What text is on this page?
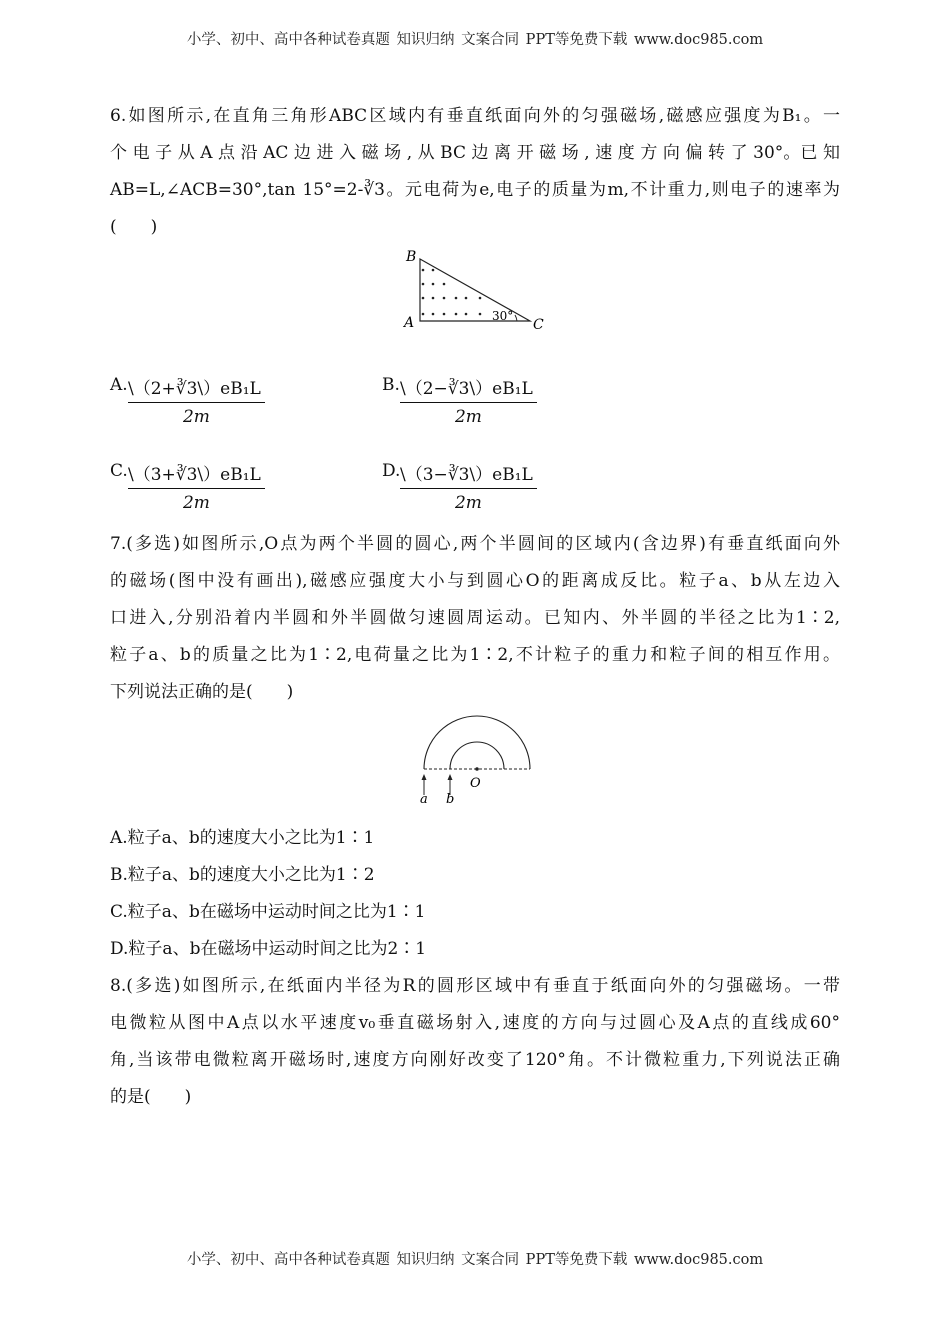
小学、初中、高中各种试卷真题 知识归纳 文案合同 PPT等免费下载 www.doc985.com
6.如图所示,在直角三角形ABC区域内有垂直纸面向外的匀强磁场,磁感应强度为B₁。一
个 电 子 从 A 点 沿 AC 边 进 入 磁 场 , 从 BC 边 离 开 磁 场 , 速 度 方 向 偏 转 了 30°。已 知
AB=L,∠ACB=30°,tan 15°=2-∛3。元电荷为e,电子的质量为m,不计重力,则电子的速率为
(　　)
B
A	C
30°
A. $\frac{\text{\textbackslash{}（2+∛3\textbackslash{}）eB₁L}}{2m}$	B. $\frac{\text{\textbackslash{}（2−∛3\textbackslash{}）eB₁L}}{2m}$
C. $\frac{\text{\textbackslash{}（3+∛3\textbackslash{}）eB₁L}}{2m}$	D. $\frac{\text{\textbackslash{}（3−∛3\textbackslash{}）eB₁L}}{2m}$
7.(多选)如图所示,O点为两个半圆的圆心,两个半圆间的区域内(含边界)有垂直纸面向外
的磁场(图中没有画出),磁感应强度大小与到圆心O的距离成反比。粒子a、b从左边入
口进入,分别沿着内半圆和外半圆做匀速圆周运动。已知内、外半圆的半径之比为1∶2,
粒子a、b的质量之比为1∶2,电荷量之比为1∶2,不计粒子的重力和粒子间的相互作用。
下列说法正确的是(　　)
O
a b
A.粒子a、b的速度大小之比为1∶1
B.粒子a、b的速度大小之比为1∶2
C.粒子a、b在磁场中运动时间之比为1∶1
D.粒子a、b在磁场中运动时间之比为2∶1
8.(多选)如图所示,在纸面内半径为R的圆形区域中有垂直于纸面向外的匀强磁场。一带
电微粒从图中A点以水平速度v₀垂直磁场射入,速度的方向与过圆心及A点的直线成60°
角,当该带电微粒离开磁场时,速度方向刚好改变了120°角。不计微粒重力,下列说法正确
的是(　　)
小学、初中、高中各种试卷真题 知识归纳 文案合同 PPT等免费下载 www.doc985.com
